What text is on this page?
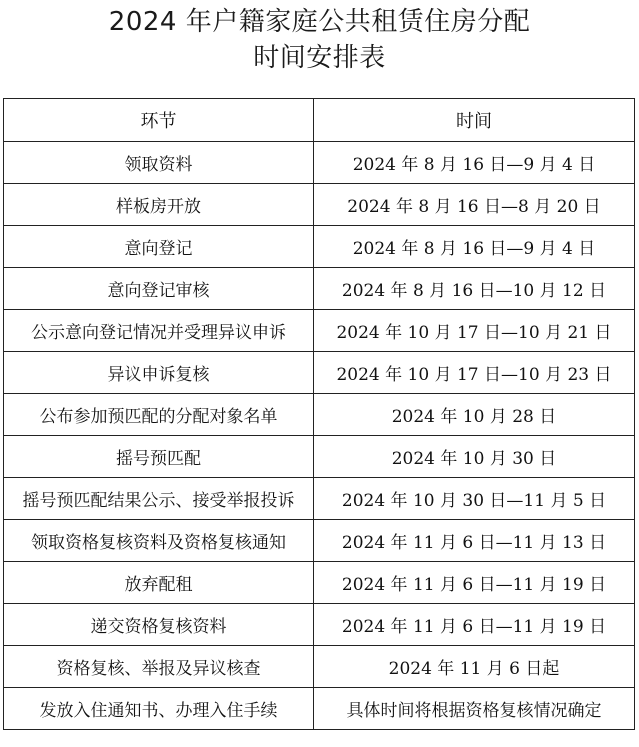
2024 年户籍家庭公共租赁住房分配
时间安排表
环节	时间
领取资料	2024 年 8 月 16 日—9 月 4 日
样板房开放	2024 年 8 月 16 日—8 月 20 日
意向登记	2024 年 8 月 16 日—9 月 4 日
意向登记审核	2024 年 8 月 16 日—10 月 12 日
公示意向登记情况并受理异议申诉	2024 年 10 月 17 日—10 月 21 日
异议申诉复核	2024 年 10 月 17 日—10 月 23 日
公布参加预匹配的分配对象名单	2024 年 10 月 28 日
摇号预匹配	2024 年 10 月 30 日
摇号预匹配结果公示、接受举报投诉	2024 年 10 月 30 日—11 月 5 日
领取资格复核资料及资格复核通知	2024 年 11 月 6 日—11 月 13 日
放弃配租	2024 年 11 月 6 日—11 月 19 日
递交资格复核资料	2024 年 11 月 6 日—11 月 19 日
资格复核、举报及异议核查	2024 年 11 月 6 日起
发放入住通知书、办理入住手续	具体时间将根据资格复核情况确定
